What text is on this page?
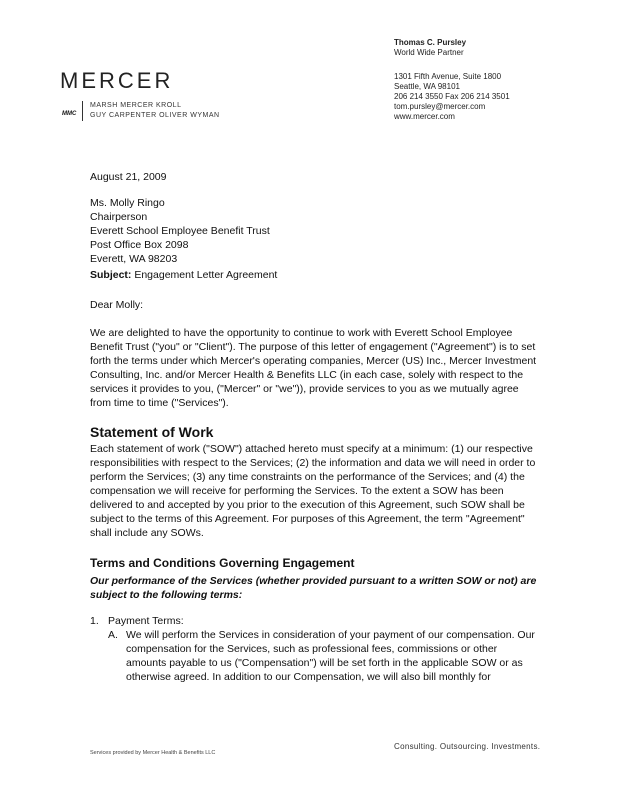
Thomas C. Pursley
World Wide Partner
1301 Fifth Avenue, Suite 1800
Seattle, WA 98101
206 214 3550 Fax 206 214 3501
tom.pursley@mercer.com
www.mercer.com
MERCER
MMC
MARSH MERCER KROLL
GUY CARPENTER OLIVER WYMAN
August 21, 2009
Ms. Molly Ringo
Chairperson
Everett School Employee Benefit Trust
Post Office Box 2098
Everett, WA 98203
Subject: Engagement Letter Agreement
Dear Molly:
We are delighted to have the opportunity to continue to work with Everett School Employee Benefit Trust ("you" or "Client"). The purpose of this letter of engagement ("Agreement") is to set forth the terms under which Mercer's operating companies, Mercer (US) Inc., Mercer Investment Consulting, Inc. and/or Mercer Health & Benefits LLC (in each case, solely with respect to the services it provides to you, ("Mercer" or "we")), provide services to you as we mutually agree from time to time ("Services").
Statement of Work
Each statement of work ("SOW") attached hereto must specify at a minimum: (1) our respective responsibilities with respect to the Services; (2) the information and data we will need in order to perform the Services; (3) any time constraints on the performance of the Services; and (4) the compensation we will receive for performing the Services. To the extent a SOW has been delivered to and accepted by you prior to the execution of this Agreement, such SOW shall be subject to the terms of this Agreement. For purposes of this Agreement, the term "Agreement" shall include any SOWs.
Terms and Conditions Governing Engagement
Our performance of the Services (whether provided pursuant to a written SOW or not) are subject to the following terms:
1. Payment Terms:
A. We will perform the Services in consideration of your payment of our compensation. Our compensation for the Services, such as professional fees, commissions or other amounts payable to us ("Compensation") will be set forth in the applicable SOW or as otherwise agreed. In addition to our Compensation, we will also bill monthly for
Services provided by Mercer Health & Benefits LLC
Consulting. Outsourcing. Investments.
